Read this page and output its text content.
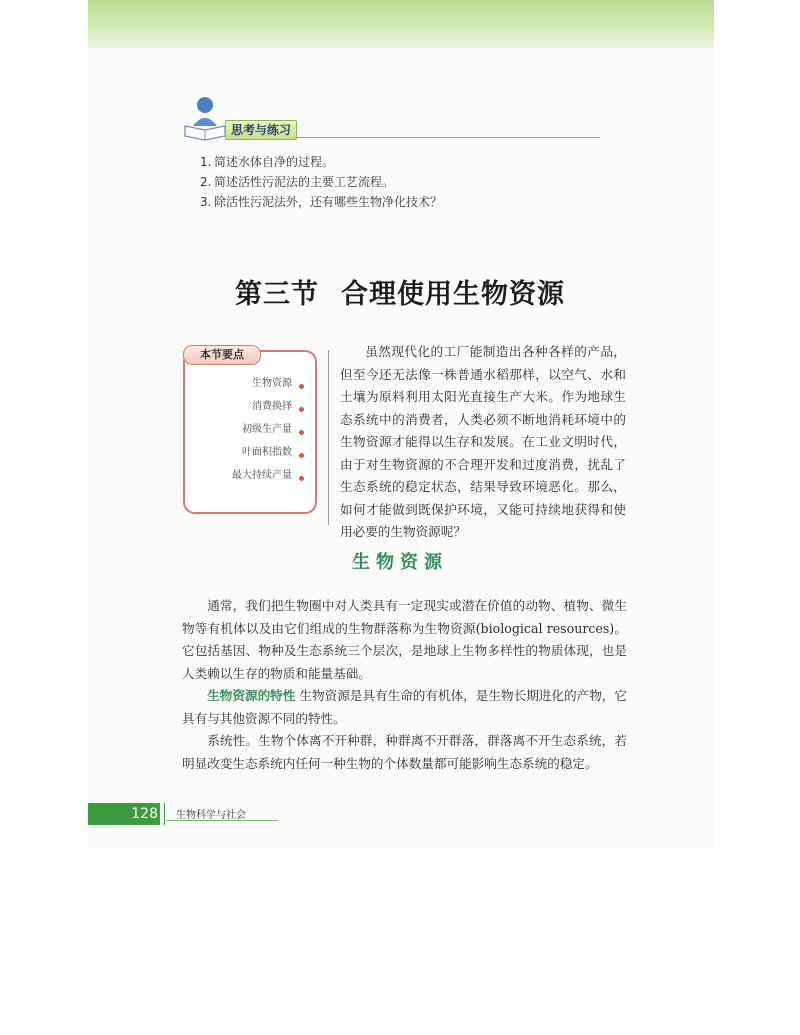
思考与练习
1. 简述水体自净的过程。
2. 简述活性污泥法的主要工艺流程。
3. 除活性污泥法外，还有哪些生物净化技术？
第三节 合理使用生物资源
本节要点
生物资源
消费换择
初级生产量
叶面积指数
最大持续产量

虽然现代化的工厂能制造出各种各样的产品，但至今还无法像一株普通水稻那样，以空气、水和土壤为原料利用太阳光直接生产大米。作为地球生态系统中的消费者，人类必须不断地消耗环境中的生物资源才能得以生存和发展。在工业文明时代，由于对生物资源的不合理开发和过度消费，扰乱了生态系统的稳定状态，结果导致环境恶化。那么，如何才能做到既保护环境，又能可持续地获得和使用必要的生物资源呢？

生物资源

通常，我们把生物圈中对人类具有一定现实或潜在价值的动物、植物、微生物等有机体以及由它们组成的生物群落称为生物资源(biological resources)。它包括基因、物种及生态系统三个层次，是地球上生物多样性的物质体现，也是人类赖以生存的物质和能量基础。

生物资源的特性 生物资源是具有生命的有机体，是生物长期进化的产物，它具有与其他资源不同的特性。

系统性。生物个体离不开种群，种群离不开群落，群落离不开生态系统，若明显改变生态系统内任何一种生物的个体数量都可能影响生态系统的稳定。

128 生物科学与社会
